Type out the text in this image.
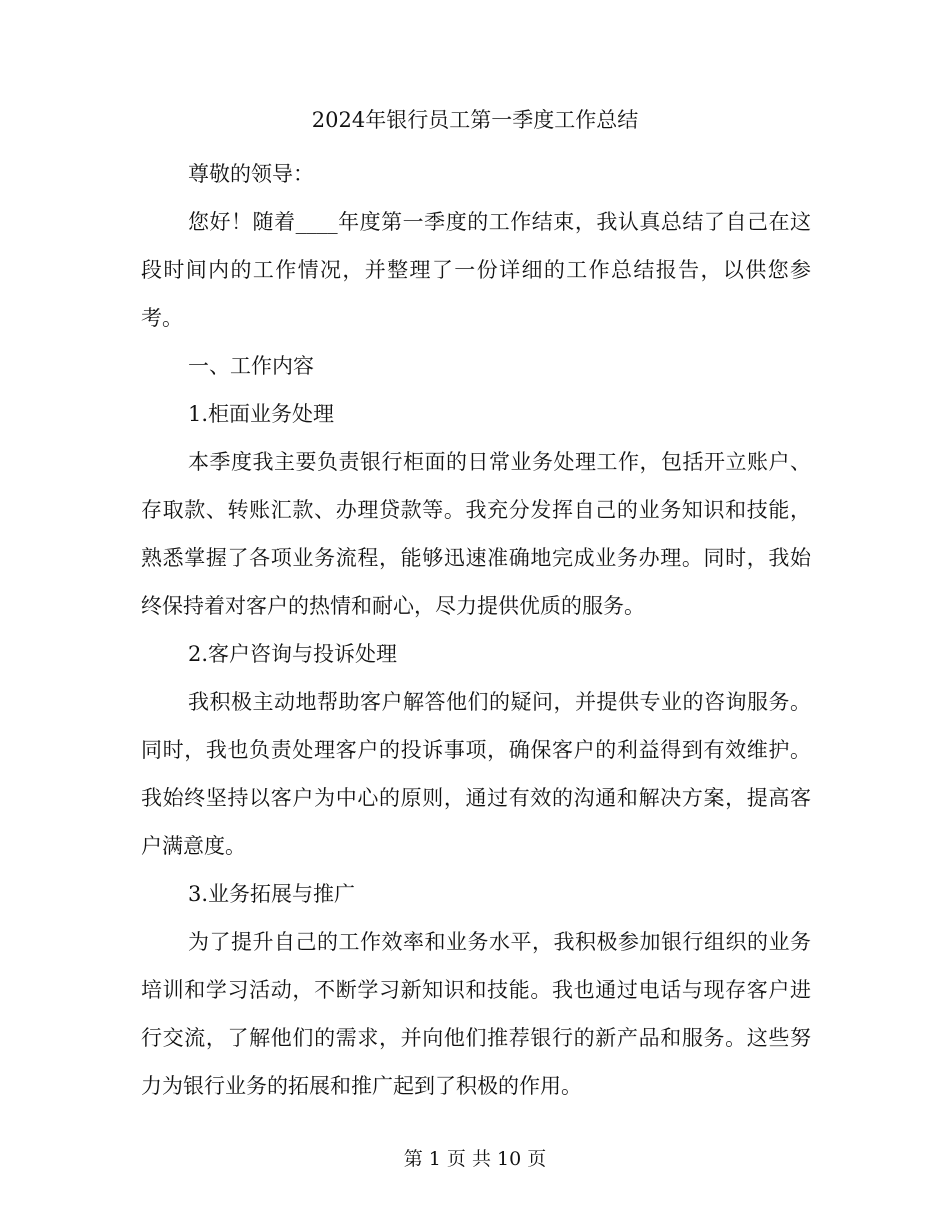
2024年银行员工第一季度工作总结

尊敬的领导：

您好！随着____年度第一季度的工作结束，我认真总结了自己在这段时间内的工作情况，并整理了一份详细的工作总结报告，以供您参考。

一、工作内容

1.柜面业务处理

本季度我主要负责银行柜面的日常业务处理工作，包括开立账户、存取款、转账汇款、办理贷款等。我充分发挥自己的业务知识和技能，熟悉掌握了各项业务流程，能够迅速准确地完成业务办理。同时，我始终保持着对客户的热情和耐心，尽力提供优质的服务。

2.客户咨询与投诉处理

我积极主动地帮助客户解答他们的疑问，并提供专业的咨询服务。同时，我也负责处理客户的投诉事项，确保客户的利益得到有效维护。我始终坚持以客户为中心的原则，通过有效的沟通和解决方案，提高客户满意度。

3.业务拓展与推广

为了提升自己的工作效率和业务水平，我积极参加银行组织的业务培训和学习活动，不断学习新知识和技能。我也通过电话与现存客户进行交流，了解他们的需求，并向他们推荐银行的新产品和服务。这些努力为银行业务的拓展和推广起到了积极的作用。

第 1 页 共 10 页
